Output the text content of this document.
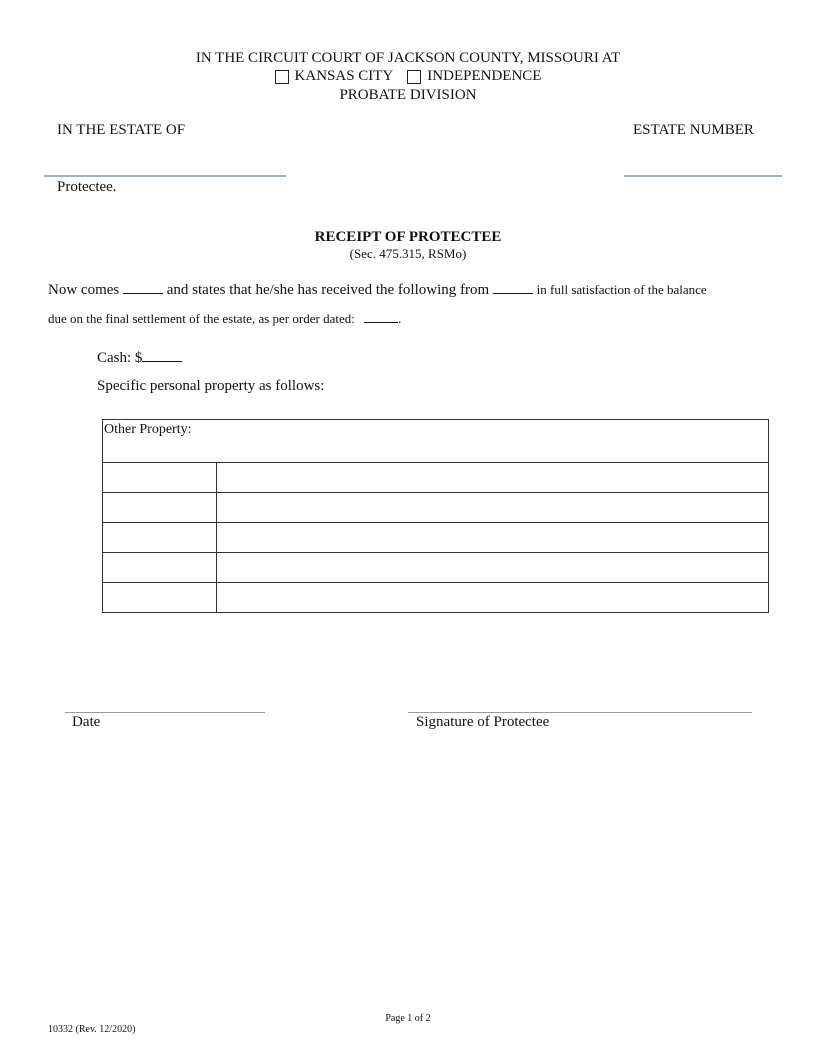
IN THE CIRCUIT COURT OF JACKSON COUNTY, MISSOURI AT
KANSAS CITY INDEPENDENCE
PROBATE DIVISION
IN THE ESTATE OF	ESTATE NUMBER
Protectee.
RECEIPT OF PROTECTEE
(Sec. 475.315, RSMo)
Now comes	and states that he/she has received the following from	in full satisfaction of the balance
due on the final settlement of the estate, as per order dated:	.
Cash: $
Specific personal property as follows:
Other Property:	

Date	Signature of Protectee
Page 1 of 2
10332 (Rev. 12/2020)
